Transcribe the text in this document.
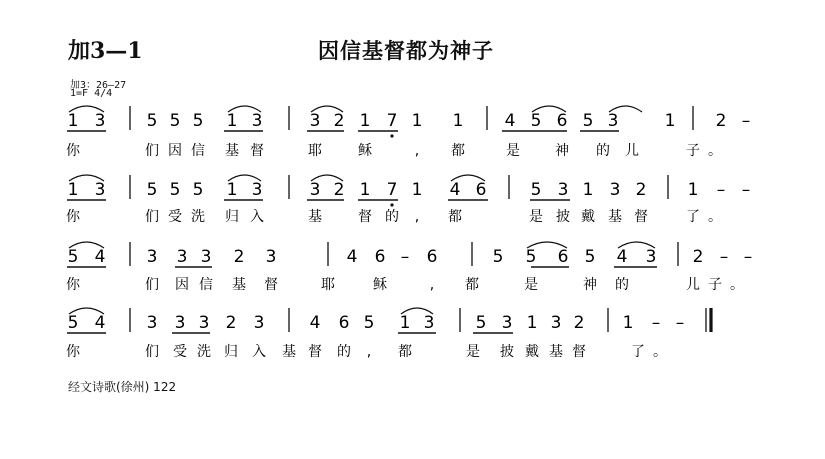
加3—1	因信基督都为神子
加3：26—27
1=F 4/4
1 3 5 5 5 1 3	3 2 1 7 1 1 4 5 6 5 3	1 2 –
你	们 因 信 基 督	耶	稣	, 都	是	神 的 儿	子 。
1 3 5 5 5 1 3	3 2 1 7 1 4 6	5 3 1 3 2 1 – –
你	们 受 洗 归 入	基	督 的 , 都	是 披 戴 基 督	了 。
5 4 3 3 3 2 3	4 6 – 6	5 5 6 5 4 3 2 – –
你	们 因 信 基 督	耶	稣	, 都	是	神 的	儿 子 。
5 4 3 3 3 2 3	4 6 5 1 3 5 3 1 3 2 1 – –
你	们 受 洗 归 入 基 督 的 , 都	是 披 戴 基 督	了 。
经文诗歌(徐州) 122
